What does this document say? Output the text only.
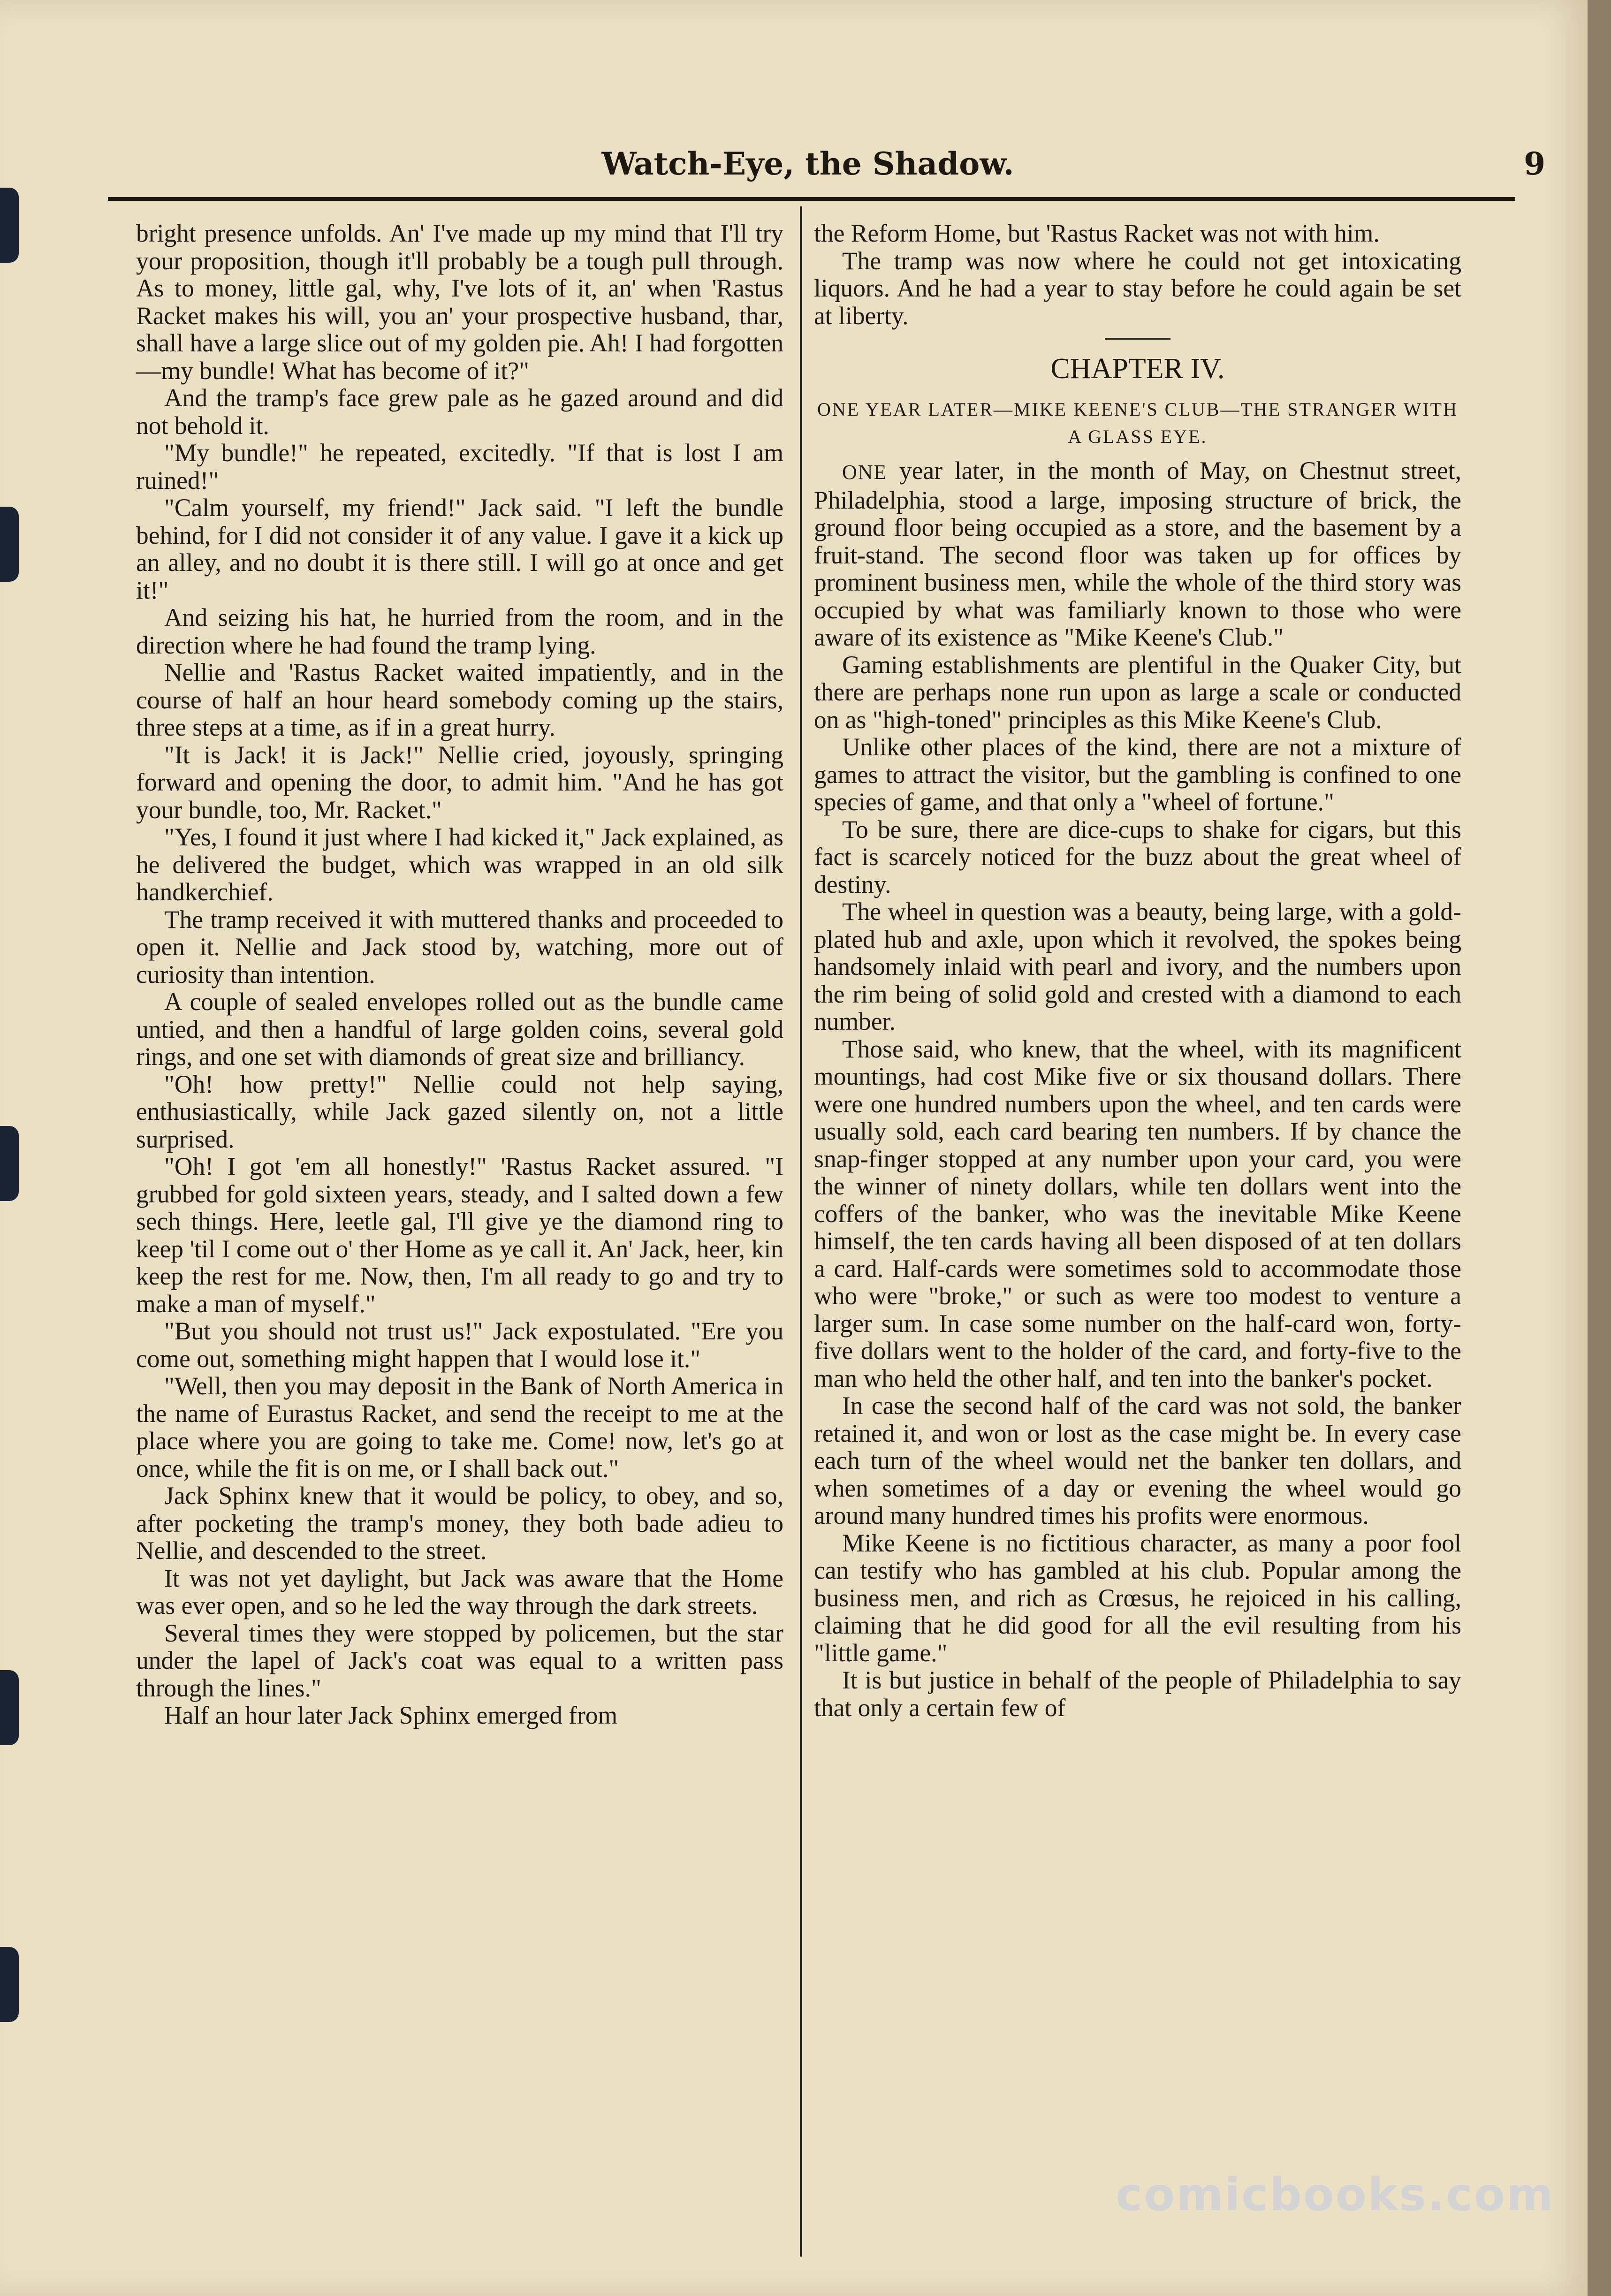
Watch-Eye, the Shadow.	9

bright presence unfolds. An' I've made up my mind that I'll try your proposition, though it'll probably be a tough pull through. As to money, little gal, why, I've lots of it, an' when 'Rastus Racket makes his will, you an' your prospective husband, thar, shall have a large slice out of my golden pie. Ah! I had forgotten—my bundle! What has become of it?"

And the tramp's face grew pale as he gazed around and did not behold it.

"My bundle!" he repeated, excitedly. "If that is lost I am ruined!"

"Calm yourself, my friend!" Jack said. "I left the bundle behind, for I did not consider it of any value. I gave it a kick up an alley, and no doubt it is there still. I will go at once and get it!"

And seizing his hat, he hurried from the room, and in the direction where he had found the tramp lying.

Nellie and 'Rastus Racket waited impatiently, and in the course of half an hour heard somebody coming up the stairs, three steps at a time, as if in a great hurry.

"It is Jack! it is Jack!" Nellie cried, joyously, springing forward and opening the door, to admit him. "And he has got your bundle, too, Mr. Racket."

"Yes, I found it just where I had kicked it," Jack explained, as he delivered the budget, which was wrapped in an old silk handkerchief.

The tramp received it with muttered thanks and proceeded to open it. Nellie and Jack stood by, watching, more out of curiosity than intention.

A couple of sealed envelopes rolled out as the bundle came untied, and then a handful of large golden coins, several gold rings, and one set with diamonds of great size and brilliancy.

"Oh! how pretty!" Nellie could not help saying, enthusiastically, while Jack gazed silently on, not a little surprised.

"Oh! I got 'em all honestly!" 'Rastus Racket assured. "I grubbed for gold sixteen years, steady, and I salted down a few sech things. Here, leetle gal, I'll give ye the diamond ring to keep 'til I come out o' ther Home as ye call it. An' Jack, heer, kin keep the rest for me. Now, then, I'm all ready to go and try to make a man of myself."

"But you should not trust us!" Jack expostulated. "Ere you come out, something might happen that I would lose it."

"Well, then you may deposit in the Bank of North America in the name of Eurastus Racket, and send the receipt to me at the place where you are going to take me. Come! now, let's go at once, while the fit is on me, or I shall back out."

Jack Sphinx knew that it would be policy, to obey, and so, after pocketing the tramp's money, they both bade adieu to Nellie, and descended to the street.

It was not yet daylight, but Jack was aware that the Home was ever open, and so he led the way through the dark streets.

Several times they were stopped by policemen, but the star under the lapel of Jack's coat was equal to a written pass through the lines."

Half an hour later Jack Sphinx emerged from

the Reform Home, but 'Rastus Racket was not with him.

The tramp was now where he could not get intoxicating liquors. And he had a year to stay before he could again be set at liberty.

CHAPTER IV.
ONE YEAR LATER—MIKE KEENE'S CLUB—THE STRANGER WITH A GLASS EYE.

ONE year later, in the month of May, on Chestnut street, Philadelphia, stood a large, imposing structure of brick, the ground floor being occupied as a store, and the basement by a fruit-stand. The second floor was taken up for offices by prominent business men, while the whole of the third story was occupied by what was familiarly known to those who were aware of its existence as "Mike Keene's Club."

Gaming establishments are plentiful in the Quaker City, but there are perhaps none run upon as large a scale or conducted on as "high-toned" principles as this Mike Keene's Club.

Unlike other places of the kind, there are not a mixture of games to attract the visitor, but the gambling is confined to one species of game, and that only a "wheel of fortune."

To be sure, there are dice-cups to shake for cigars, but this fact is scarcely noticed for the buzz about the great wheel of destiny.

The wheel in question was a beauty, being large, with a gold-plated hub and axle, upon which it revolved, the spokes being handsomely inlaid with pearl and ivory, and the numbers upon the rim being of solid gold and crested with a diamond to each number.

Those said, who knew, that the wheel, with its magnificent mountings, had cost Mike five or six thousand dollars. There were one hundred numbers upon the wheel, and ten cards were usually sold, each card bearing ten numbers. If by chance the snap-finger stopped at any number upon your card, you were the winner of ninety dollars, while ten dollars went into the coffers of the banker, who was the inevitable Mike Keene himself, the ten cards having all been disposed of at ten dollars a card. Half-cards were sometimes sold to accommodate those who were "broke," or such as were too modest to venture a larger sum. In case some number on the half-card won, forty-five dollars went to the holder of the card, and forty-five to the man who held the other half, and ten into the banker's pocket.

In case the second half of the card was not sold, the banker retained it, and won or lost as the case might be. In every case each turn of the wheel would net the banker ten dollars, and when sometimes of a day or evening the wheel would go around many hundred times his profits were enormous.

Mike Keene is no fictitious character, as many a poor fool can testify who has gambled at his club. Popular among the business men, and rich as Crœsus, he rejoiced in his calling, claiming that he did good for all the evil resulting from his "little game."

It is but justice in behalf of the people of Philadelphia to say that only a certain few of

comicbooks.com
